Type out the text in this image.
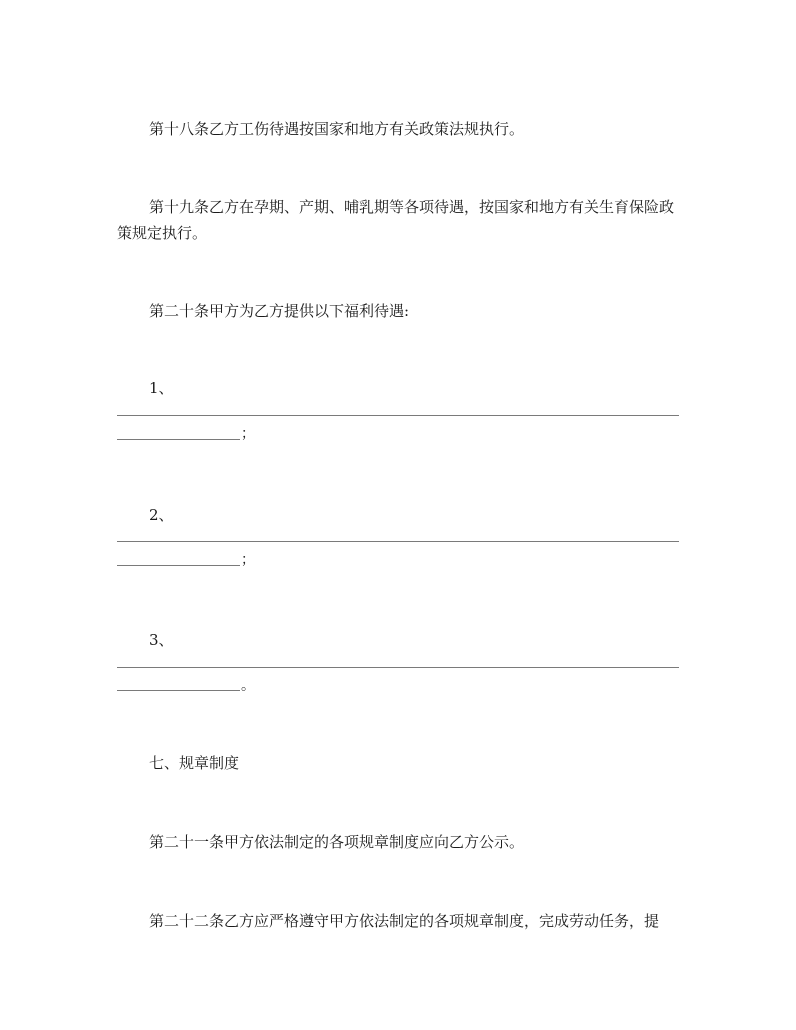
第十八条乙方工伤待遇按国家和地方有关政策法规执行。

第十九条乙方在孕期、产期、哺乳期等各项待遇，按国家和地方有关生育保险政策规定执行。

第二十条甲方为乙方提供以下福利待遇:

1、

；

2、

；

3、

。

七、规章制度

第二十一条甲方依法制定的各项规章制度应向乙方公示。

第二十二条乙方应严格遵守甲方依法制定的各项规章制度，完成劳动任务，提
